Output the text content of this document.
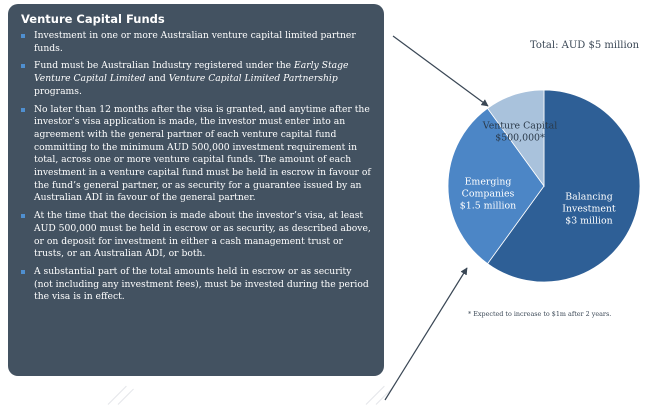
Venture Capital Funds
Investment in one or more Australian venture capital limited partner funds.
Fund must be Australian Industry registered under the Early Stage Venture Capital Limited and Venture Capital Limited Partnership programs.
No later than 12 months after the visa is granted, and anytime after the investor’s visa application is made, the investor must enter into an agreement with the general partner of each venture capital fund committing to the minimum AUD 500,000 investment requirement in total, across one or more venture capital funds. The amount of each investment in a venture capital fund must be held in escrow in favour of the fund’s general partner, or as security for a guarantee issued by an Australian ADI in favour of the general partner.
At the time that the decision is made about the investor’s visa, at least AUD 500,000 must be held in escrow or as security, as described above, or on deposit for investment in either a cash management trust or trusts, or an Australian ADI, or both.
A substantial part of the total amounts held in escrow or as security (not including any investment fees), must be invested during the period the visa is in effect.
Total: AUD $5 million
Balancing
Investment
$3 million
Emerging
Companies
$1.5 million
Venture Capital
$500,000*
* Expected to increase to $1m after 2 years.
